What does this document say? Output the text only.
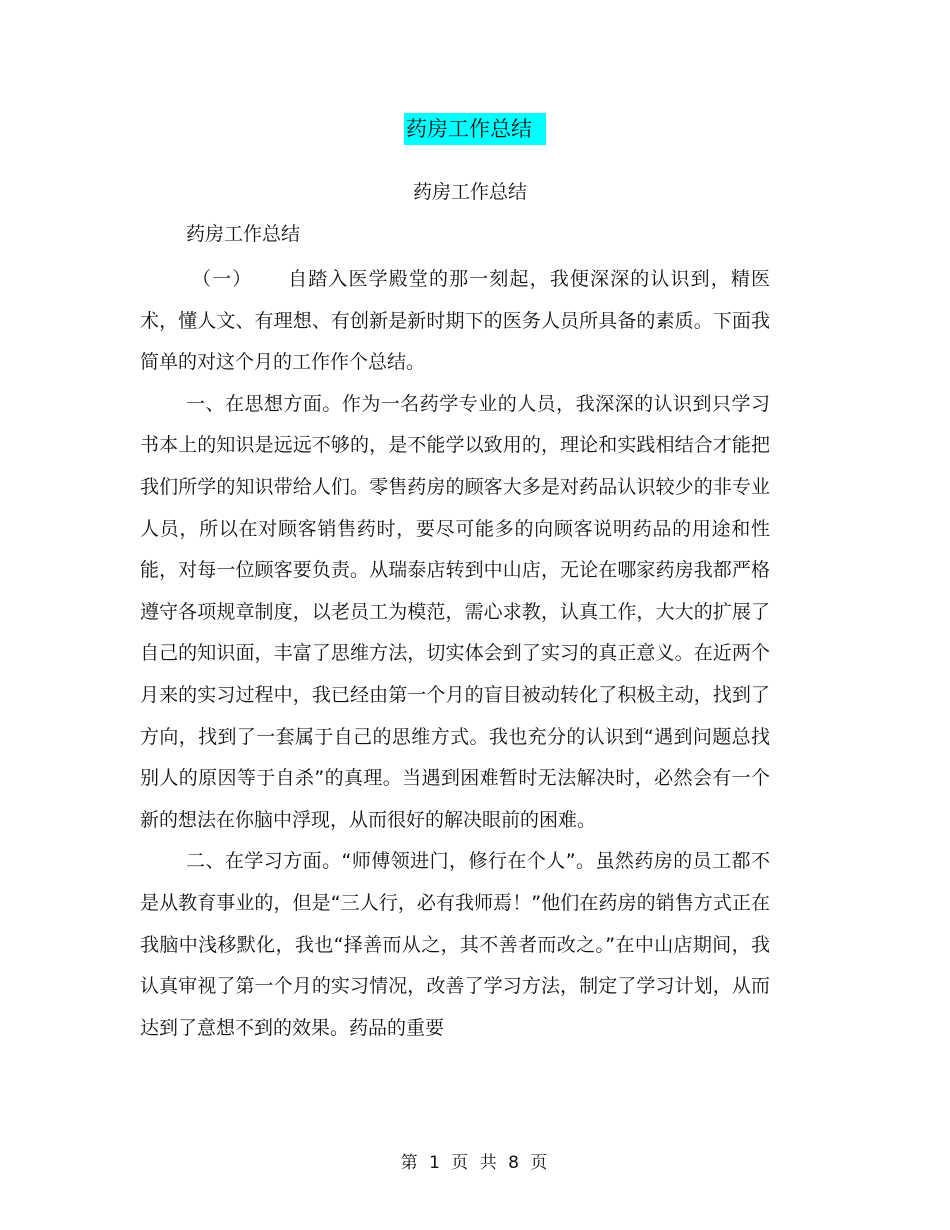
药房工作总结
药房工作总结
药房工作总结

（一）     自踏入医学殿堂的那一刻起，我便深深的认识到，精医术，懂人文、有理想、有创新是新时期下的医务人员所具备的素质。下面我简单的对这个月的工作作个总结。

一、在思想方面。作为一名药学专业的人员，我深深的认识到只学习书本上的知识是远远不够的，是不能学以致用的，理论和实践相结合才能把我们所学的知识带给人们。零售药房的顾客大多是对药品认识较少的非专业人员，所以在对顾客销售药时，要尽可能多的向顾客说明药品的用途和性能，对每一位顾客要负责。从瑞泰店转到中山店，无论在哪家药房我都严格遵守各项规章制度，以老员工为模范，需心求教，认真工作，大大的扩展了自己的知识面，丰富了思维方法，切实体会到了实习的真正意义。在近两个月来的实习过程中，我已经由第一个月的盲目被动转化了积极主动，找到了方向，找到了一套属于自己的思维方式。我也充分的认识到“遇到问题总找别人的原因等于自杀”的真理。当遇到困难暂时无法解决时，必然会有一个新的想法在你脑中浮现，从而很好的解决眼前的困难。

二、在学习方面。“师傅领进门，修行在个人”。虽然药房的员工都不是从教育事业的，但是“三人行，必有我师焉！”他们在药房的销售方式正在我脑中浅移默化，我也“择善而从之，其不善者而改之。”在中山店期间，我认真审视了第一个月的实习情况，改善了学习方法，制定了学习计划，从而达到了意想不到的效果。药品的重要

第 1 页 共 8 页
